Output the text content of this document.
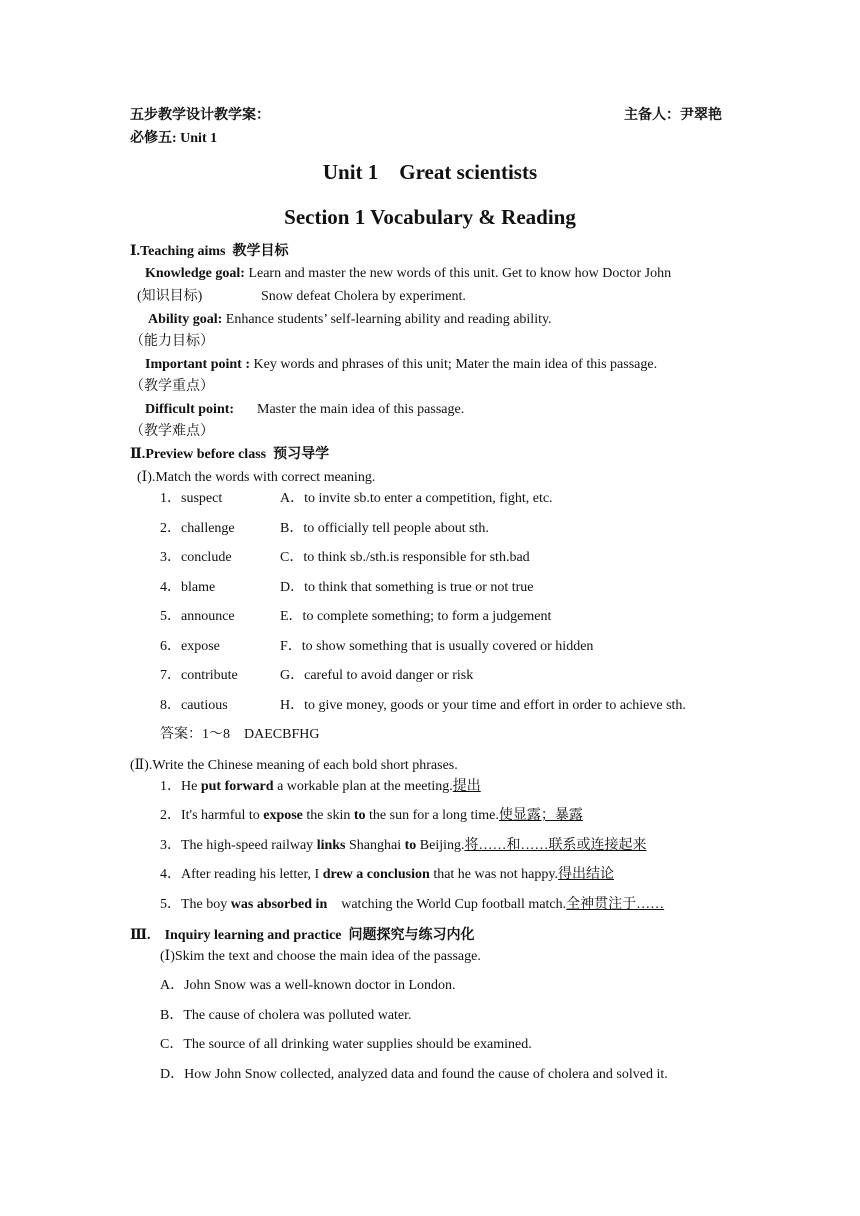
五步教学设计教学案：	主备人：尹翠艳
必修五: Unit 1
Unit 1    Great scientists
Section 1 Vocabulary & Reading
Ⅰ.Teaching aims  教学目标
Knowledge goal: Learn and master the new words of this unit. Get to know how Doctor John
(知识目标)	Snow defeat Cholera by experiment.
Ability goal: Enhance students’ self-learning ability and reading ability.
（能力目标）
Important point : Key words and phrases of this unit; Mater the main idea of this passage.
（教学重点）
Difficult point: Master the main idea of this passage.
（教学难点）
Ⅱ.Preview before class  预习导学
(Ⅰ).Match the words with correct meaning.
1．suspect	A．to invite sb.to enter a competition, fight, etc.
2．challenge	B．to officially tell people about sth.
3．conclude	C．to think sb./sth.is responsible for sth.bad
4．blame	D．to think that something is true or not true
5．announce	E．to complete something; to form a judgement
6．expose	F．to show something that is usually covered or hidden
7．contribute	G．careful to avoid danger or risk
8．cautious	H．to give money, goods or your time and effort in order to achieve sth.
答案：1～8　DAECBFHG
(Ⅱ).Write the Chinese meaning of each bold short phrases.
1．He put forward a workable plan at the meeting.提出
2．It's harmful to expose the skin to the sun for a long time.使显露；暴露
3．The high-speed railway links Shanghai to Beijing.将……和……联系或连接起来
4．After reading his letter, I drew a conclusion that he was not happy.得出结论
5．The boy was absorbed in    watching the World Cup football match.全神贯注于……
Ⅲ. Inquiry learning and practice  问题探究与练习内化
(Ⅰ)Skim the text and choose the main idea of the passage.
A．John Snow was a well-known doctor in London.
B．The cause of cholera was polluted water.
C．The source of all drinking water supplies should be examined.
D．How John Snow collected, analyzed data and found the cause of cholera and solved it.
